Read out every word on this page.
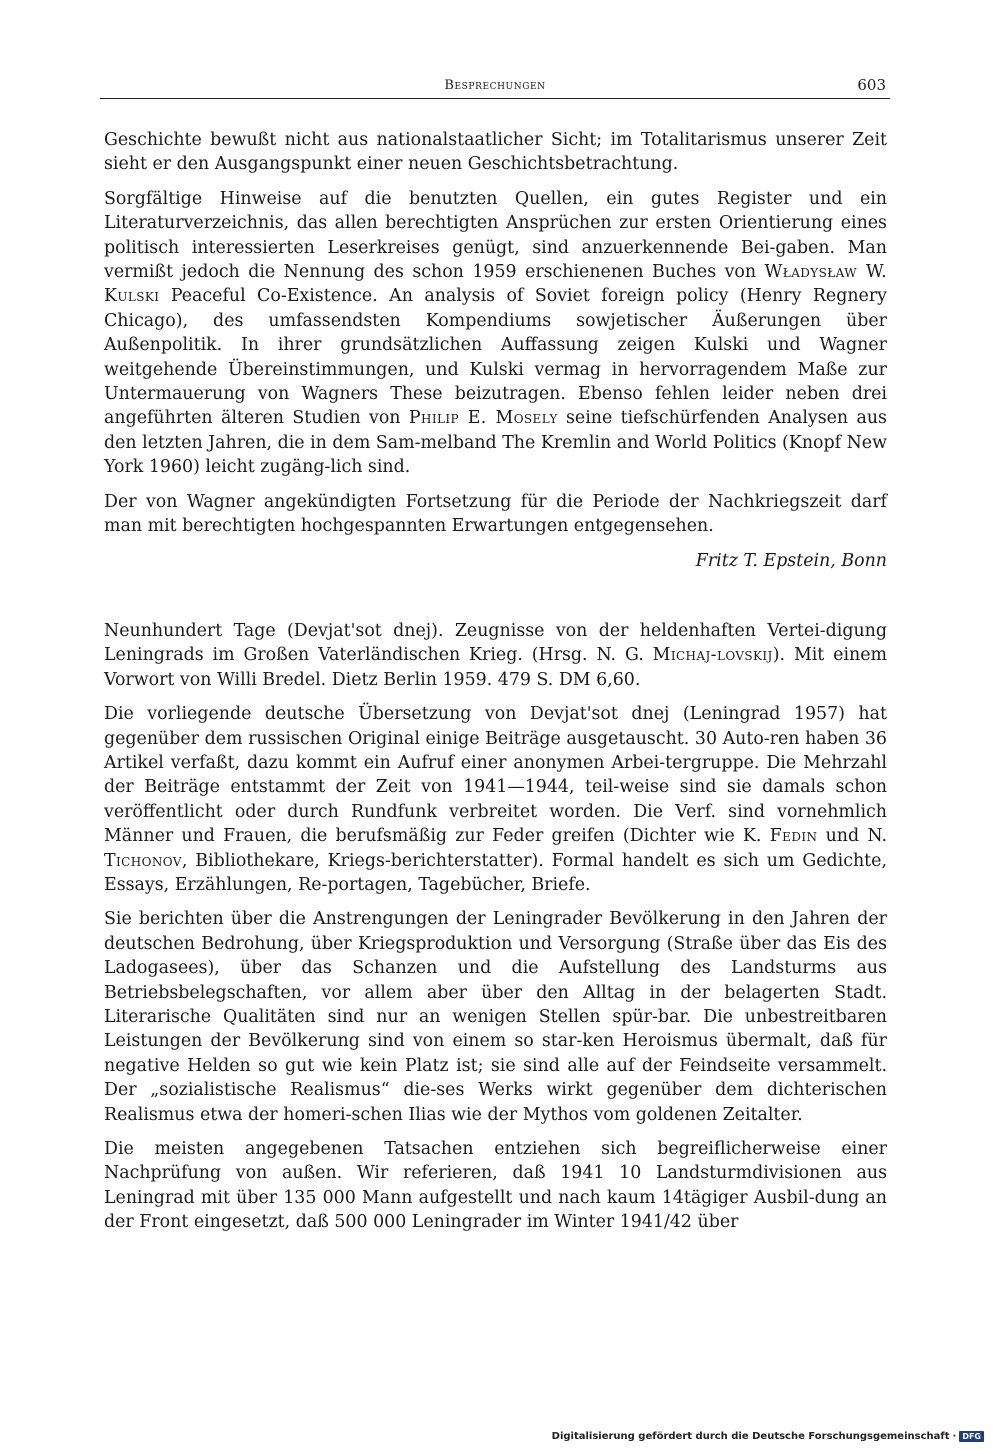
Besprechungen	603

Geschichte bewußt nicht aus nationalstaatlicher Sicht; im Totalitarismus unserer Zeit sieht er den Ausgangspunkt einer neuen Geschichtsbetrachtung.

Sorgfältige Hinweise auf die benutzten Quellen, ein gutes Register und ein Literaturverzeichnis, das allen berechtigten Ansprüchen zur ersten Orientierung eines politisch interessierten Leserkreises genügt, sind anzuerkennende Bei-gaben. Man vermißt jedoch die Nennung des schon 1959 erschienenen Buches von Władysław W. Kulski Peaceful Co-Existence. An analysis of Soviet foreign policy (Henry Regnery Chicago), des umfassendsten Kompendiums sowjetischer Äußerungen über Außenpolitik. In ihrer grundsätzlichen Auffassung zeigen Kulski und Wagner weitgehende Übereinstimmungen, und Kulski vermag in hervorragendem Maße zur Untermauerung von Wagners These beizutragen. Ebenso fehlen leider neben drei angeführten älteren Studien von Philip E. Mosely seine tiefschürfenden Analysen aus den letzten Jahren, die in dem Sam-melband The Kremlin and World Politics (Knopf New York 1960) leicht zugäng-lich sind.

Der von Wagner angekündigten Fortsetzung für die Periode der Nachkriegszeit darf man mit berechtigten hochgespannten Erwartungen entgegensehen.

Fritz T. Epstein, Bonn

Neunhundert Tage (Devjat'sot dnej). Zeugnisse von der heldenhaften Vertei-digung Leningrads im Großen Vaterländischen Krieg. (Hrsg. N. G. Michaj-lovskij). Mit einem Vorwort von Willi Bredel. Dietz Berlin 1959. 479 S. DM 6,60.

Die vorliegende deutsche Übersetzung von Devjat'sot dnej (Leningrad 1957) hat gegenüber dem russischen Original einige Beiträge ausgetauscht. 30 Auto-ren haben 36 Artikel verfaßt, dazu kommt ein Aufruf einer anonymen Arbei-tergruppe. Die Mehrzahl der Beiträge entstammt der Zeit von 1941—1944, teil-weise sind sie damals schon veröffentlicht oder durch Rundfunk verbreitet worden. Die Verf. sind vornehmlich Männer und Frauen, die berufsmäßig zur Feder greifen (Dichter wie K. Fedin und N. Tichonov, Bibliothekare, Kriegs-berichterstatter). Formal handelt es sich um Gedichte, Essays, Erzählungen, Re-portagen, Tagebücher, Briefe.

Sie berichten über die Anstrengungen der Leningrader Bevölkerung in den Jahren der deutschen Bedrohung, über Kriegsproduktion und Versorgung (Straße über das Eis des Ladogasees), über das Schanzen und die Aufstellung des Landsturms aus Betriebsbelegschaften, vor allem aber über den Alltag in der belagerten Stadt. Literarische Qualitäten sind nur an wenigen Stellen spür-bar. Die unbestreitbaren Leistungen der Bevölkerung sind von einem so star-ken Heroismus übermalt, daß für negative Helden so gut wie kein Platz ist; sie sind alle auf der Feindseite versammelt. Der „sozialistische Realismus“ die-ses Werks wirkt gegenüber dem dichterischen Realismus etwa der homeri-schen Ilias wie der Mythos vom goldenen Zeitalter.

Die meisten angegebenen Tatsachen entziehen sich begreiflicherweise einer Nachprüfung von außen. Wir referieren, daß 1941 10 Landsturmdivisionen aus Leningrad mit über 135 000 Mann aufgestellt und nach kaum 14tägiger Ausbil-dung an der Front eingesetzt, daß 500 000 Leningrader im Winter 1941/42 über

Digitalisierung gefördert durch die Deutsche Forschungsgemeinschaft · DFG
